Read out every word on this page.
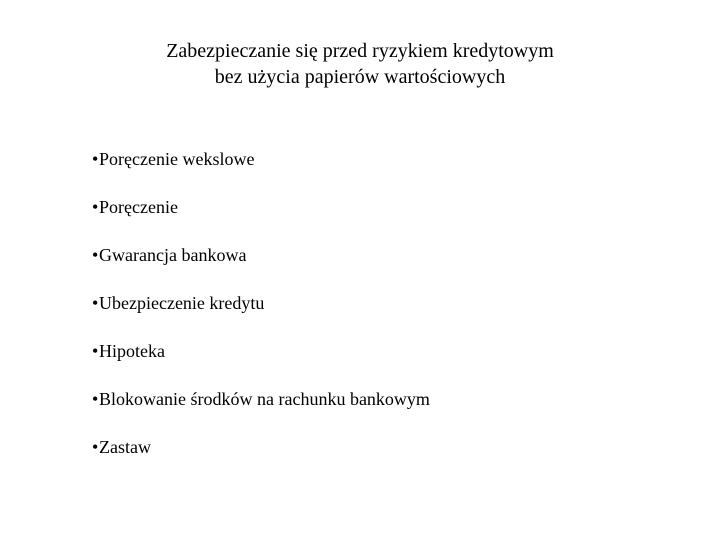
Zabezpieczanie się przed ryzykiem kredytowym
bez użycia papierów wartościowych
•Poręczenie wekslowe
•Poręczenie
•Gwarancja bankowa
•Ubezpieczenie kredytu
•Hipoteka
•Blokowanie środków na rachunku bankowym
•Zastaw
